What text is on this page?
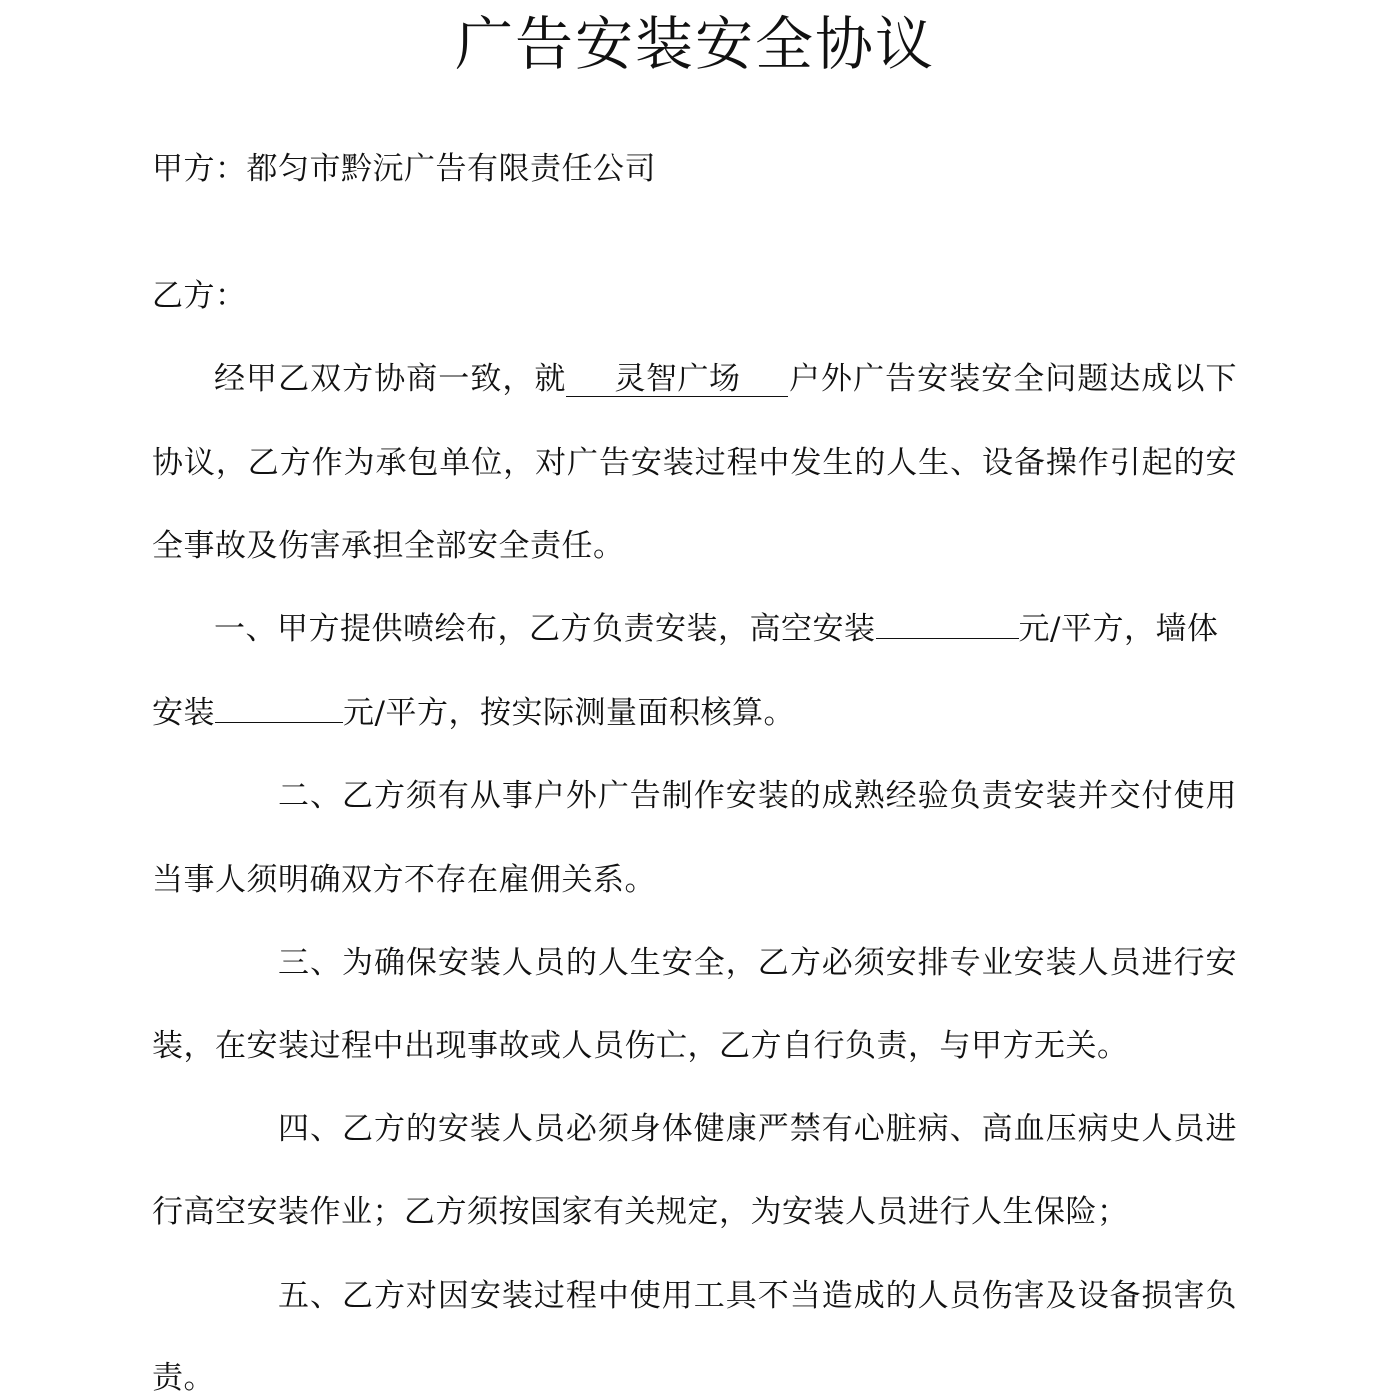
广告安装安全协议
甲方：都匀市黔沅广告有限责任公司
乙方：
经甲乙双方协商一致，就 灵智广场 户外广告安装安全问题达成以下
协议，乙方作为承包单位，对广告安装过程中发生的人生、设备操作引起的安
全事故及伤害承担全部安全责任。
一、甲方提供喷绘布，乙方负责安装，高空安装	元/平方，墙体
安装	元/平方，按实际测量面积核算。
二、乙方须有从事户外广告制作安装的成熟经验负责安装并交付使用
当事人须明确双方不存在雇佣关系。
三、为确保安装人员的人生安全，乙方必须安排专业安装人员进行安
装，在安装过程中出现事故或人员伤亡，乙方自行负责，与甲方无关。
四、乙方的安装人员必须身体健康严禁有心脏病、高血压病史人员进
行高空安装作业；乙方须按国家有关规定，为安装人员进行人生保险；
五、乙方对因安装过程中使用工具不当造成的人员伤害及设备损害负
责。
